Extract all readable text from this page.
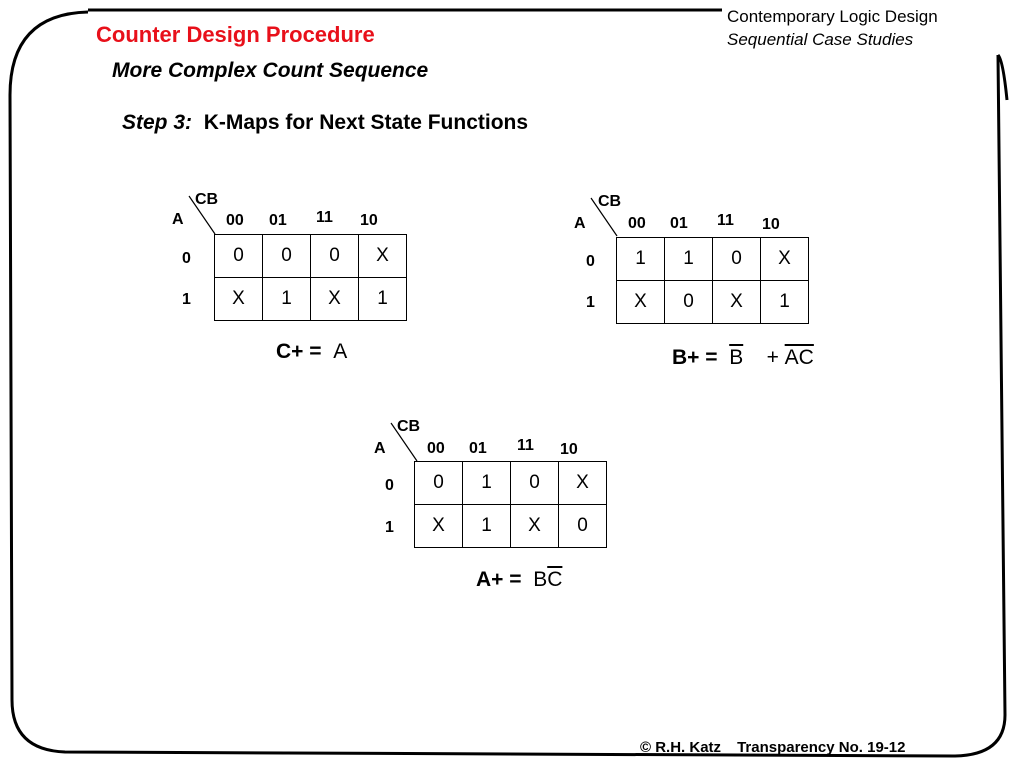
Counter Design Procedure
More Complex Count Sequence
Contemporary Logic Design
Sequential Case Studies
Step 3: K-Maps for Next State Functions
CB
A	00 01 11 10
0
1
0	0	0	X
X	1	X	1
C+ = A
CB
A	00 01 11 10
0
1
1	1	0	X
X	0	X	1
$B+ = \overline{B} + \overline{AC}$
CB
A	00 01 11 10
0
1
0	1	0	X
X	1	X	0
$A+ = B\overline{C}$
© R.H. Katz Transparency No. 19-12
